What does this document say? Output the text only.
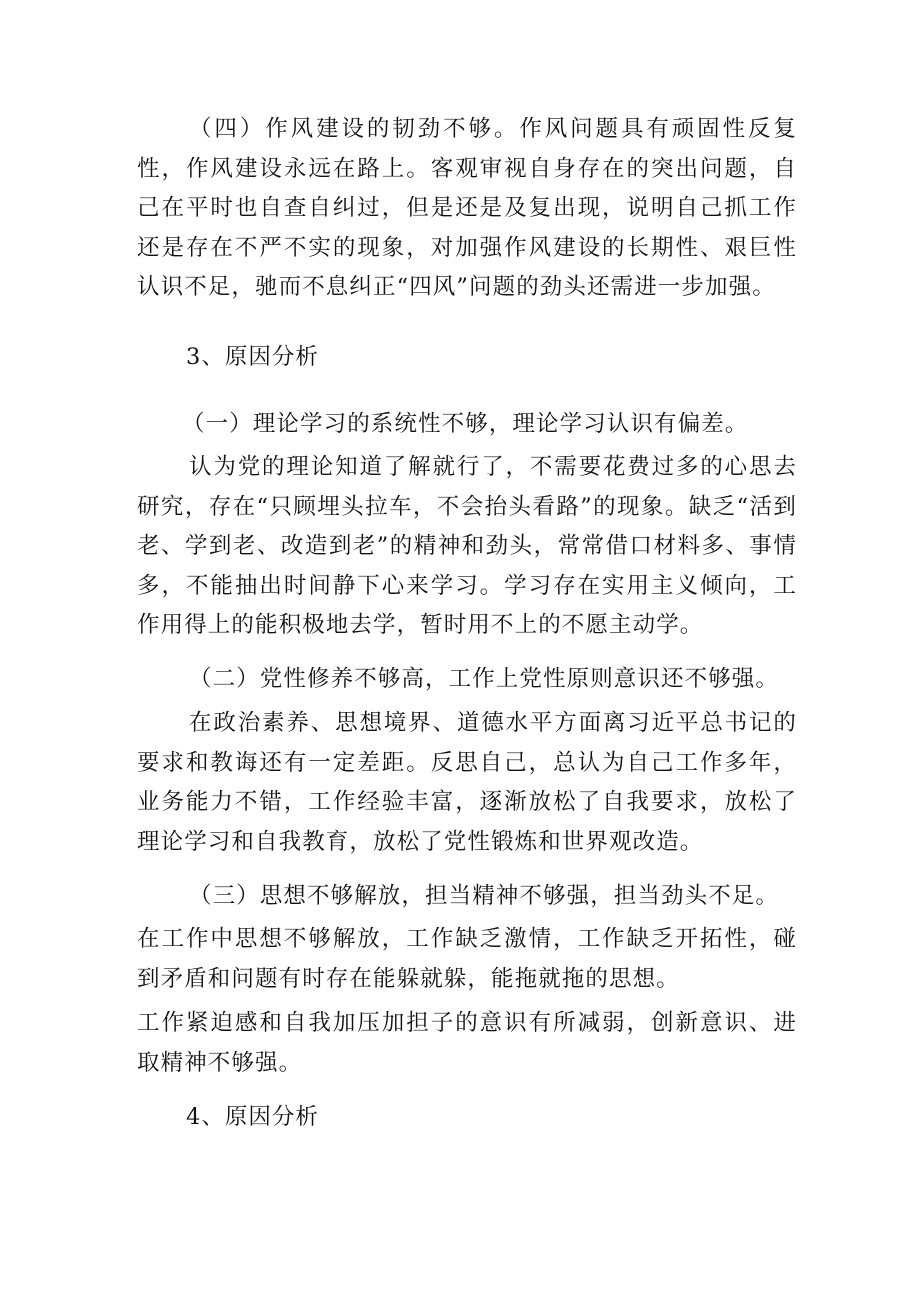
（四）作风建设的韧劲不够。作风问题具有顽固性反复性，作风建设永远在路上。客观审视自身存在的突出问题，自己在平时也自查自纠过，但是还是及复出现，说明自己抓工作还是存在不严不实的现象，对加强作风建设的长期性、艰巨性认识不足，驰而不息纠正“四风”问题的劲头还需进一步加强。

3、原因分析

（一）理论学习的系统性不够，理论学习认识有偏差。

认为党的理论知道了解就行了，不需要花费过多的心思去研究，存在“只顾埋头拉车，不会抬头看路”的现象。缺乏“活到老、学到老、改造到老”的精神和劲头，常常借口材料多、事情多，不能抽出时间静下心来学习。学习存在实用主义倾向，工作用得上的能积极地去学，暂时用不上的不愿主动学。

（二）党性修养不够高，工作上党性原则意识还不够强。

在政治素养、思想境界、道德水平方面离习近平总书记的要求和教诲还有一定差距。反思自己，总认为自己工作多年，业务能力不错，工作经验丰富，逐渐放松了自我要求，放松了理论学习和自我教育，放松了党性锻炼和世界观改造。

（三）思想不够解放，担当精神不够强，担当劲头不足。

在工作中思想不够解放，工作缺乏激情，工作缺乏开拓性，碰到矛盾和问题有时存在能躲就躲，能拖就拖的思想。

工作紧迫感和自我加压加担子的意识有所减弱，创新意识、进取精神不够强。

4、原因分析
